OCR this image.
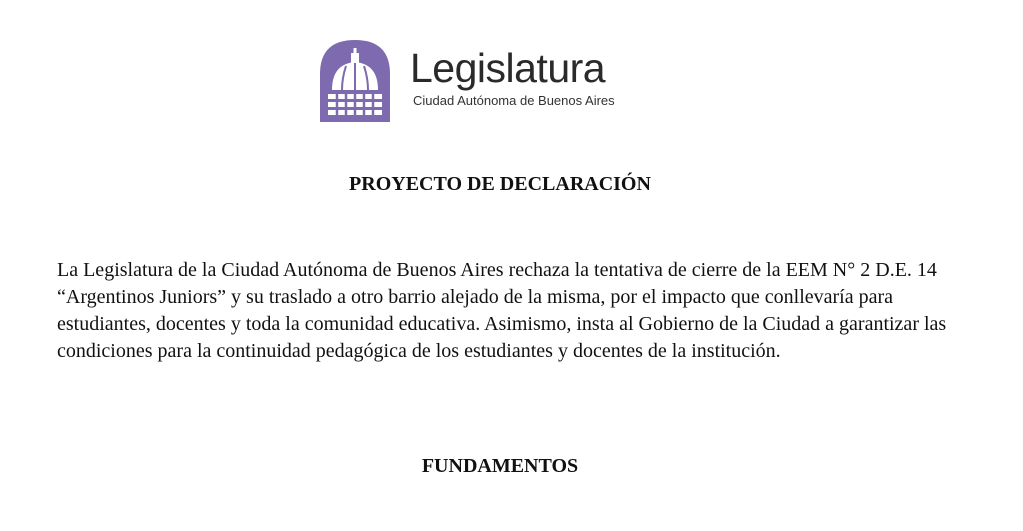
Legislatura
Ciudad Autónoma de Buenos Aires
PROYECTO DE DECLARACIÓN

La Legislatura de la Ciudad Autónoma de Buenos Aires rechaza la tentativa de cierre de la EEM N° 2 D.E. 14 “Argentinos Juniors” y su traslado a otro barrio alejado de la misma, por el impacto que conllevaría para estudiantes, docentes y toda la comunidad educativa. Asimismo, insta al Gobierno de la Ciudad a garantizar las condiciones para la continuidad pedagógica de los estudiantes y docentes de la institución.

FUNDAMENTOS
